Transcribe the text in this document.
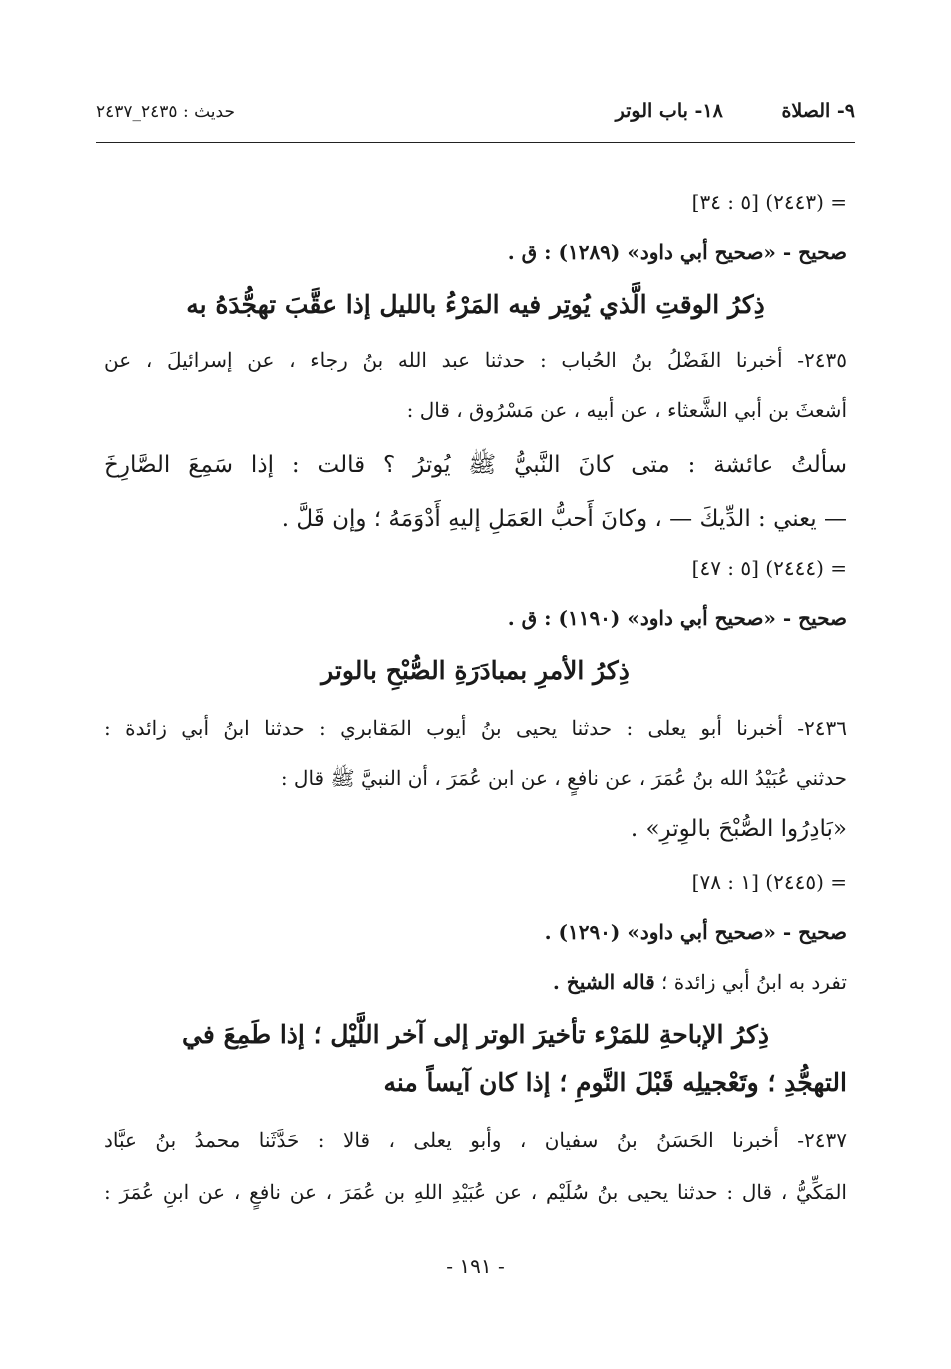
٩- الصلاة ١٨- باب الوتر
حديث : ٢٤٣٥_٢٤٣٧
= (٢٤٤٣) [٥ : ٣٤]
صحيح - «صحيح أبي داود» (١٢٨٩) : ق .
ذِكرُ الوقتِ الَّذي يُوتِر فيه المَرْءُ بالليل إذا عقَّبَ تهجُّدَهُ به
٢٤٣٥- أخبرنا الفَضْلُ بنُ الحُباب : حدثنا عبد الله بنُ رجاء ، عن إسرائيلَ ، عن
أشعثَ بن أبي الشَّعثاء ، عن أبيه ، عن مَسْرُوق ، قال :
سألتُ عائشة : متى كانَ النَّبيُّ ﷺ يُوترُ ؟ قالت : إذا سَمِعَ الصَّارِخَ
— يعني : الدِّيكَ — ، وكانَ أَحبُّ العَمَلِ إليهِ أَدْوَمَهُ ؛ وإن قَلَّ .
= (٢٤٤٤) [٥ : ٤٧]
صحيح - «صحيح أبي داود» (١١٩٠) : ق .
ذِكرُ الأمرِ بمبادَرَةِ الصُّبْحِ بالوتر
٢٤٣٦- أخبرنا أبو يعلى : حدثنا يحيى بنُ أيوب المَقابري : حدثنا ابنُ أبي زائدة :
حدثني عُبَيْدُ الله بنُ عُمَرَ ، عن نافعٍ ، عن ابن عُمَرَ ، أن النبيَّ ﷺ قال :
«بَادِرُوا الصُّبْحَ بالوِترِ» .
= (٢٤٤٥) [١ : ٧٨]
صحيح - «صحيح أبي داود» (١٢٩٠) .
تفرد به ابنُ أبي زائدة ؛ قاله الشيخ .
ذِكرُ الإباحةِ للمَرْء تأخيرَ الوتر إلى آخر اللَّيْل ؛ إذا طَمِعَ في
التهجُّدِ ؛ وتَعْجيلِه قَبْلَ النَّومِ ؛ إذا كان آيساً منه
٢٤٣٧- أخبرنا الحَسَنُ بنُ سفيان ، وأبو يعلى ، قالا : حَدَّثَنا محمدُ بنُ عبَّاد
المَكِّيُّ ، قال : حدثنا يحيى بنُ سُلَيْم ، عن عُبَيْدِ اللهِ بن عُمَرَ ، عن نافعٍ ، عن ابنِ عُمَرَ :
- ١٩١ -
